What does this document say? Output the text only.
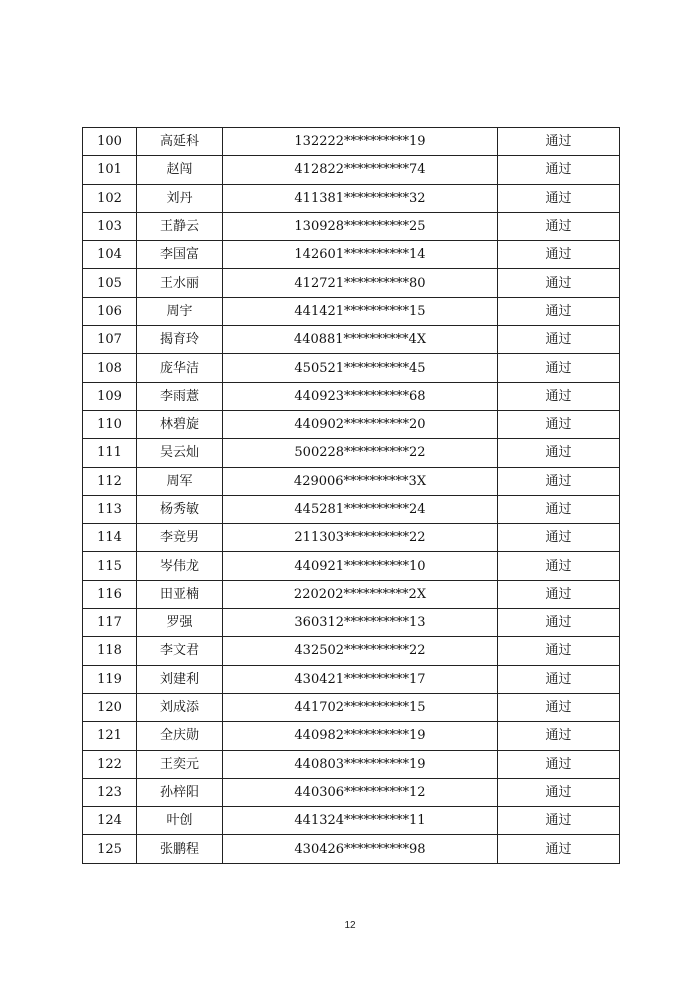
100	高延科	132222**********19	通过
101	赵闯	412822**********74	通过
102	刘丹	411381**********32	通过
103	王静云	130928**********25	通过
104	李国富	142601**********14	通过
105	王水丽	412721**********80	通过
106	周宇	441421**********15	通过
107	揭育玲	440881**********4X	通过
108	庞华洁	450521**********45	通过
109	李雨薏	440923**********68	通过
110	林碧旋	440902**********20	通过
111	吴云灿	500228**********22	通过
112	周军	429006**********3X	通过
113	杨秀敏	445281**********24	通过
114	李竞男	211303**********22	通过
115	岑伟龙	440921**********10	通过
116	田亚楠	220202**********2X	通过
117	罗强	360312**********13	通过
118	李文君	432502**********22	通过
119	刘建利	430421**********17	通过
120	刘成添	441702**********15	通过
121	全庆勋	440982**********19	通过
122	王奕元	440803**********19	通过
123	孙梓阳	440306**********12	通过
124	叶创	441324**********11	通过
125	张鹏程	430426**********98	通过
12
